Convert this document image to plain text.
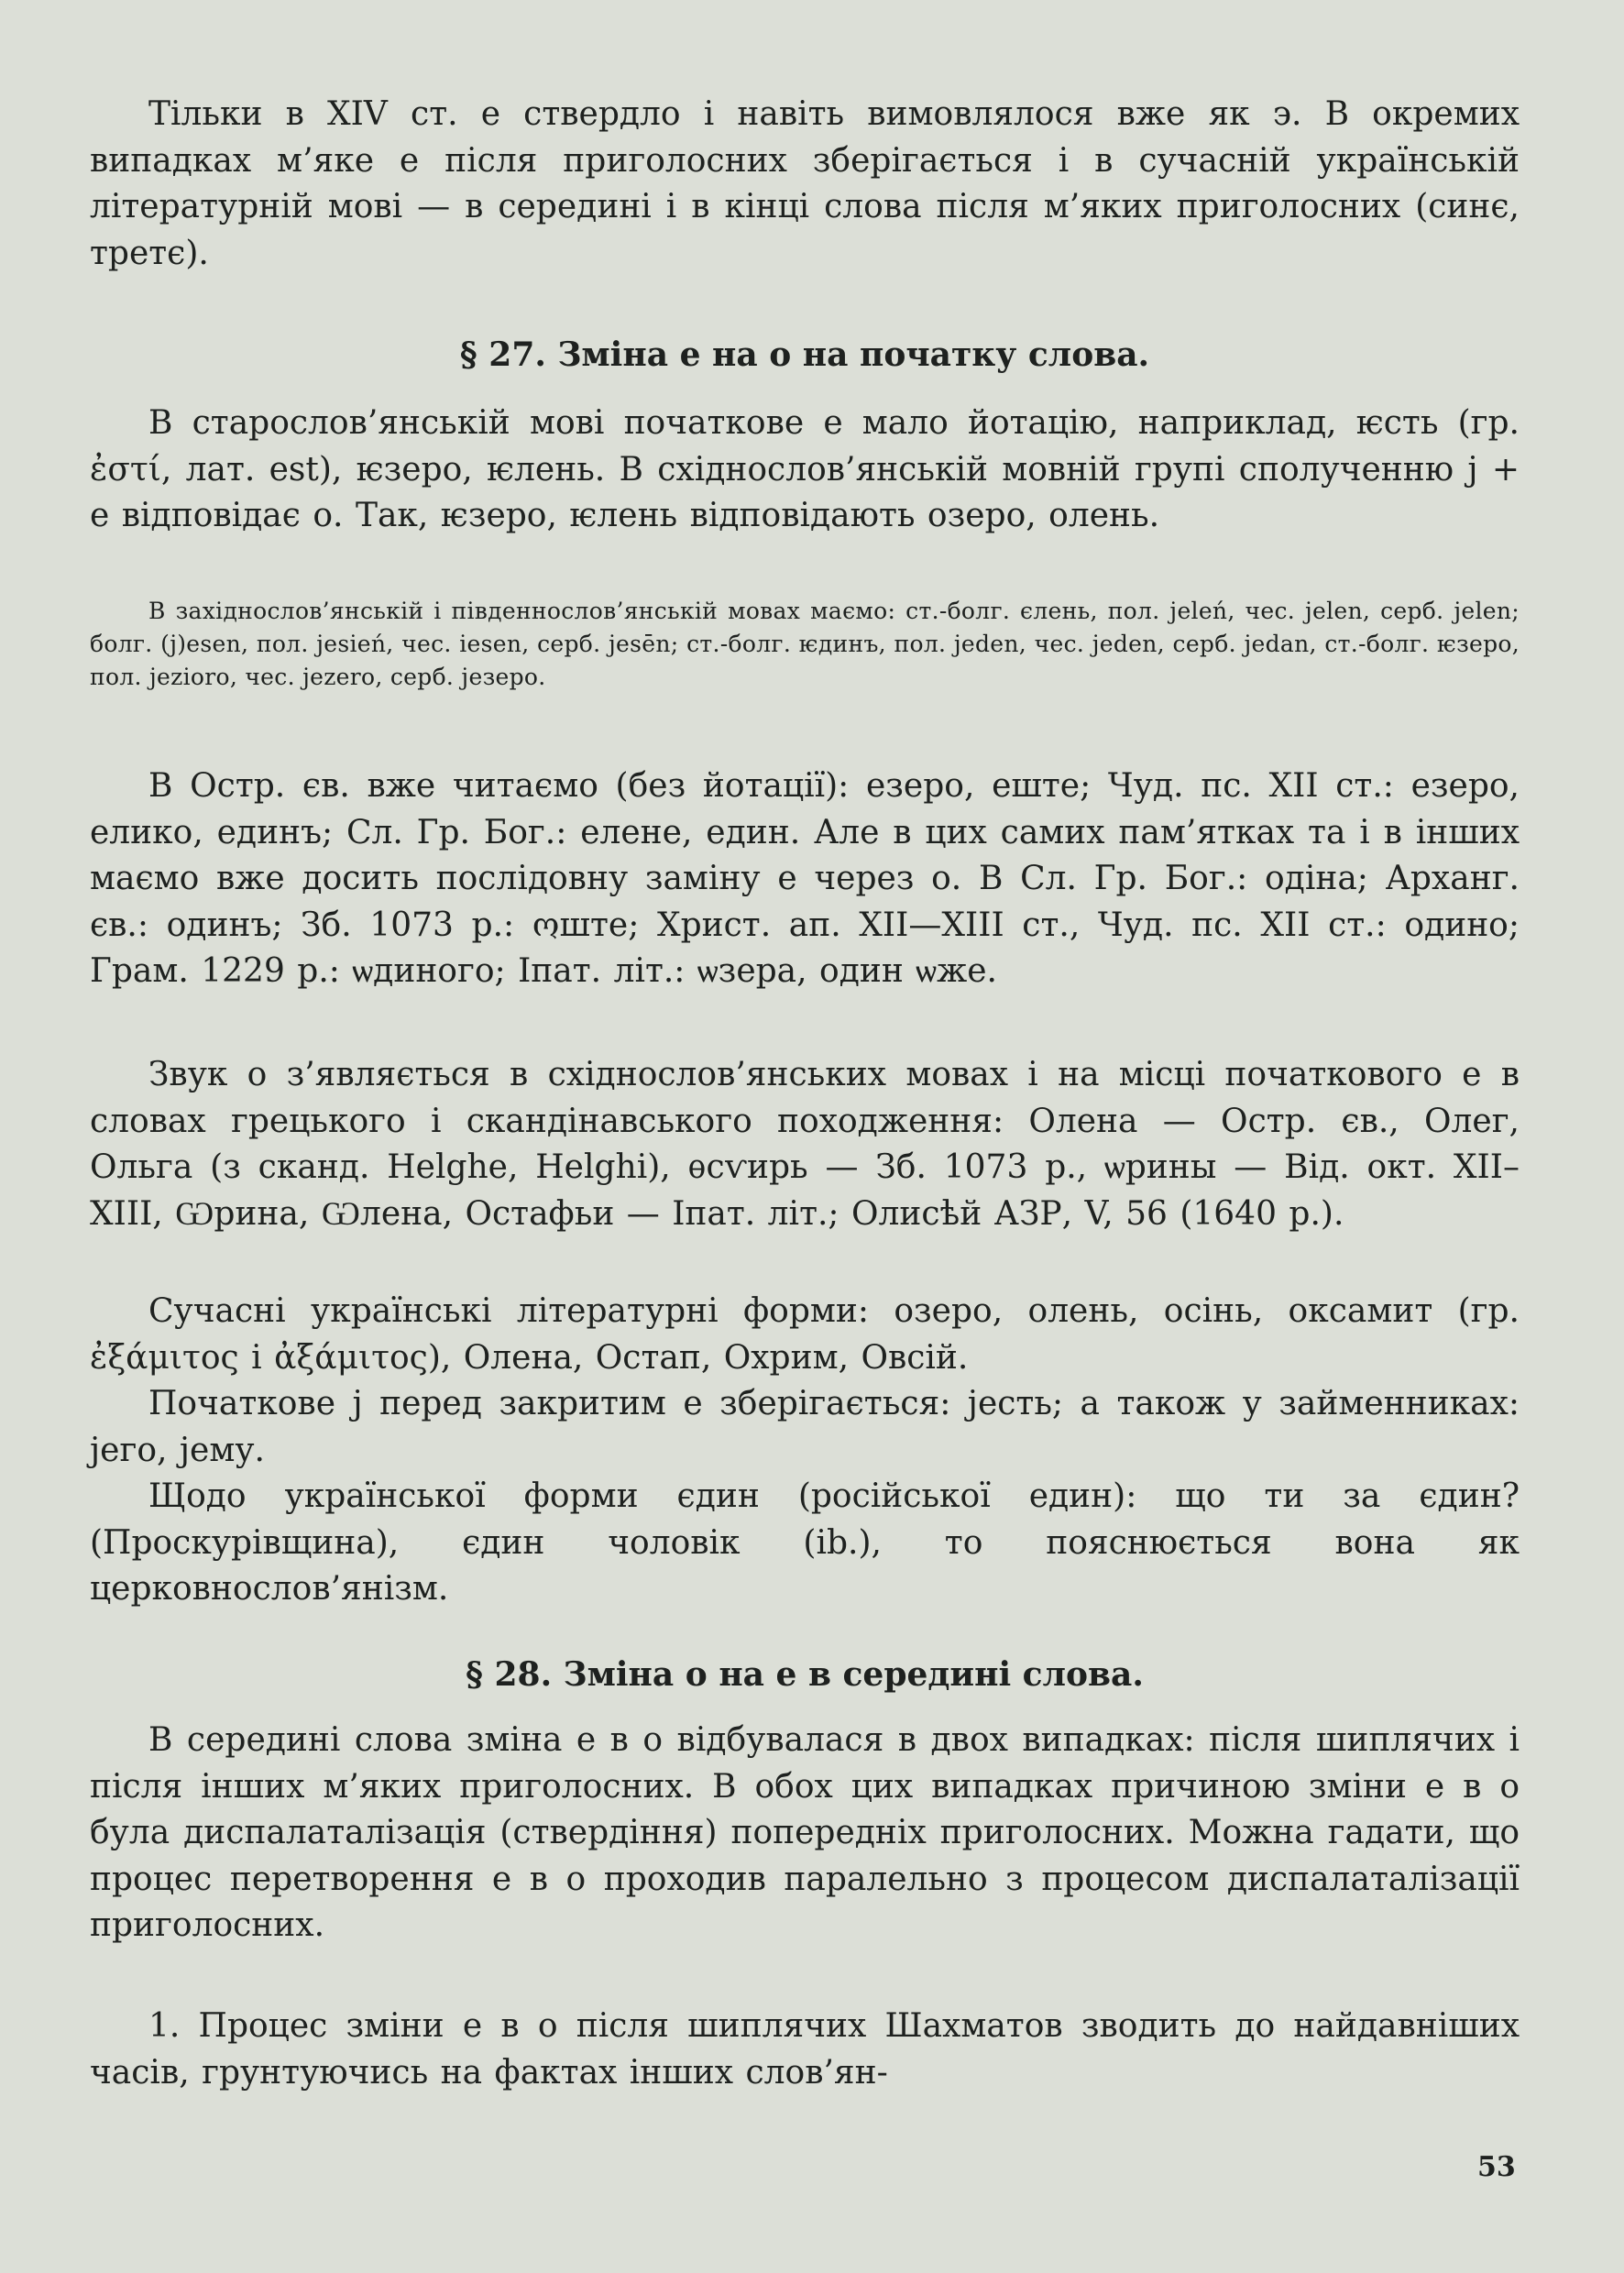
Тільки в XIV ст. е ствердло і навіть вимовлялося вже як э. В окремих випадках м’яке е після приголосних зберігається і в сучасній українській літературній мові — в середині і в кінці слова після м’яких приголосних (синє, третє).

§ 27. Зміна е на о на початку слова.

В старослов’янській мові початкове е мало йотацію, наприклад, ѥсть (гр. ἐστί, лат. est), ѥзеро, ѥлень. В східнослов’янській мовній групі сполученню j + е відповідає о. Так, ѥзеро, ѥлень відповідають озеро, олень.

В західнослов’янській і південнослов’янській мовах маємо: ст.-болг. єлень, пол. jeleń, чес. jelen, серб. jelen; болг. (j)esen, пол. jesień, чес. iesen, серб. jesēn; ст.-болг. ѥдинъ, пол. jeden, чес. jeden, серб. jedan, ст.-болг. ѥзеро, пол. jezioro, чес. jezero, серб. језеро.

В Остр. єв. вже читаємо (без йотації): езеро, еште; Чуд. пс. XII ст.: езеро, елико, единъ; Сл. Гр. Бог.: елене, един. Але в цих самих пам’ятках та і в інших маємо вже досить послідовну заміну е через о. В Сл. Гр. Бог.: одіна; Арханг. єв.: одинъ; Зб. 1073 р.: ოште; Христ. ап. XII—XIII ст., Чуд. пс. XII ст.: одино; Грам. 1229 р.: ѡдиного; Іпат. літ.: ѡзера, один ѡже.

Звук о з’являється в східнослов’янських мовах і на місці початкового е в словах грецького і скандінавського походження: Олена — Остр. єв., Олег, Ольга (з сканд. Helghe, Helghi), ѳсѵирь — Зб. 1073 р., ѡрины — Від. окт. XII–XIII, Ѡрина, Ѡлена, Остафьи — Іпат. літ.; Олисѣй АЗР, V, 56 (1640 р.).

Сучасні українські літературні форми: озеро, олень, осінь, оксамит (гр. ἐξάμιτος і ἀξάμιτος), Олена, Остап, Охрим, Овсій.

Початкове j перед закритим е зберігається: jесть; а також у займенниках: jего, jему.

Щодо української форми єдин (російської един): що ти за єдин? (Проскурівщина), єдин чоловік (ib.), то пояснюється вона як церковнослов’янізм.

§ 28. Зміна о на е в середині слова.

В середині слова зміна е в о відбувалася в двох випадках: після шиплячих і після інших м’яких приголосних. В обох цих випадках причиною зміни е в о була диспалаталізація (ствердіння) попередніх приголосних. Можна гадати, що процес перетворення е в о проходив паралельно з процесом диспалаталізації приголосних.

1. Процес зміни е в о після шиплячих Шахматов зводить до найдавніших часів, грунтуючись на фактах інших слов’ян-

53
